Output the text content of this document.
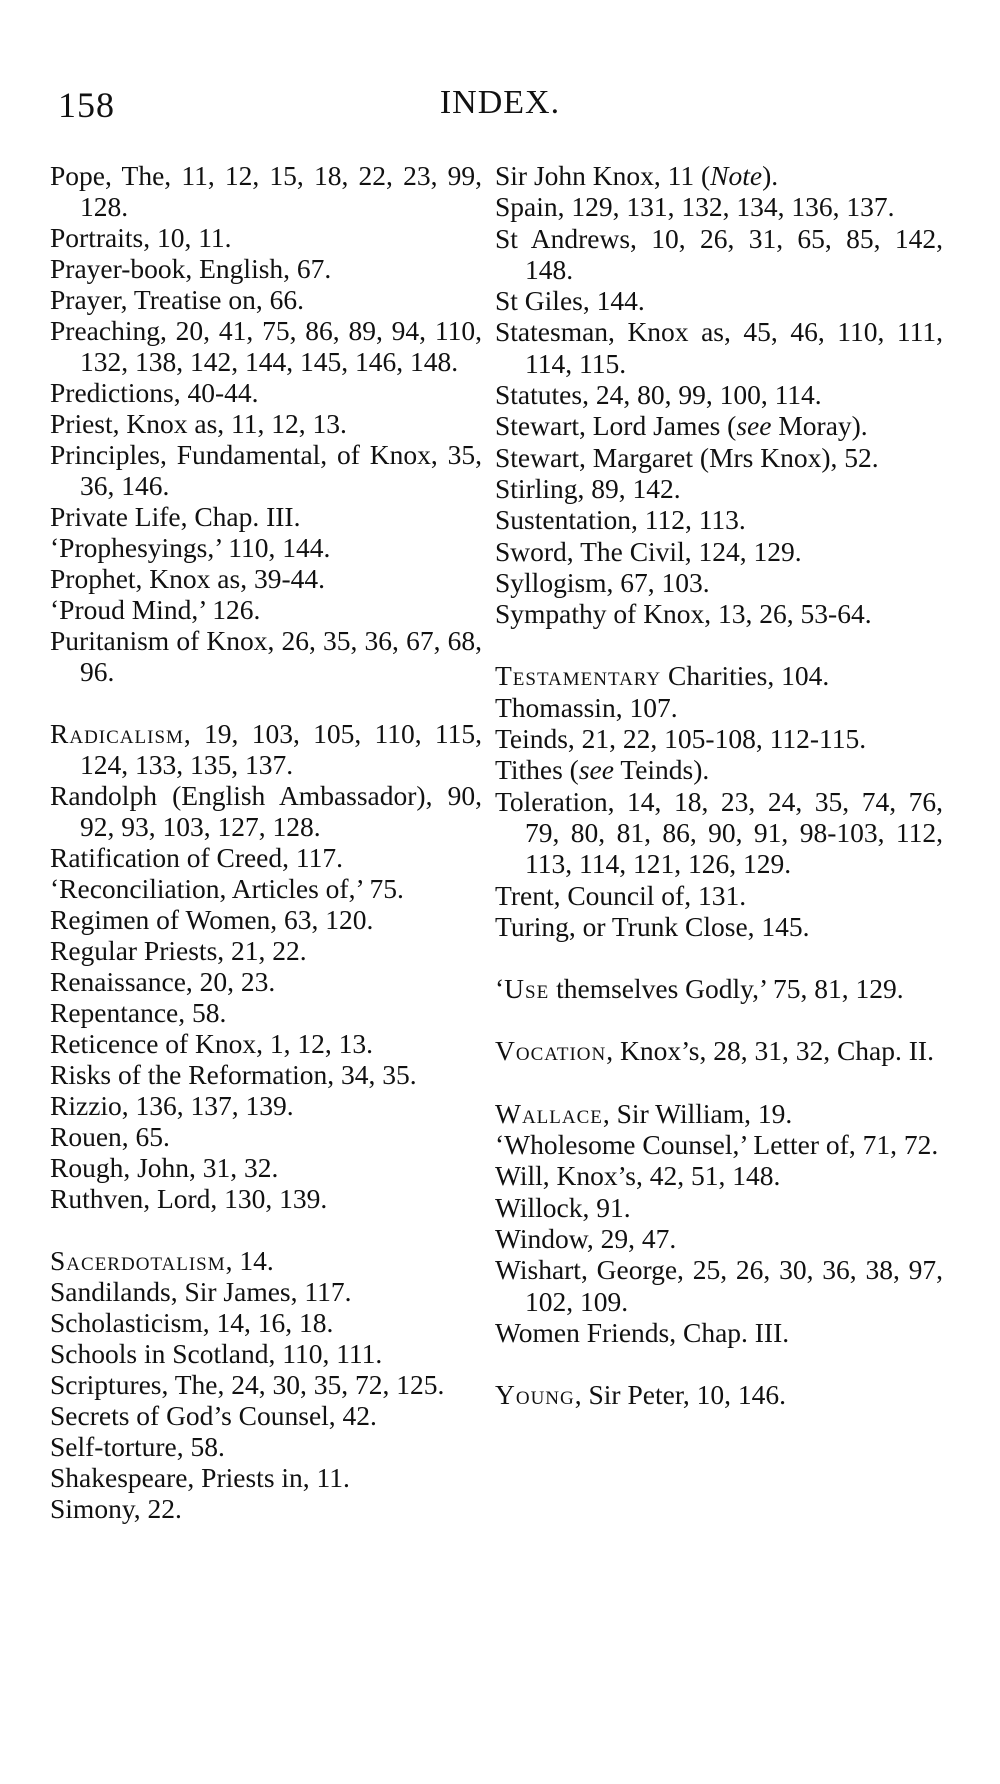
158	INDEX.
Pope, The, 11, 12, 15, 18, 22, 23, 99, 128.
Portraits, 10, 11.
Prayer-book, English, 67.
Prayer, Treatise on, 66.
Preaching, 20, 41, 75, 86, 89, 94, 110, 132, 138, 142, 144, 145, 146, 148.
Predictions, 40-44.
Priest, Knox as, 11, 12, 13.
Principles, Fundamental, of Knox, 35, 36, 146.
Private Life, Chap. III.
‘Prophesyings,’ 110, 144.
Prophet, Knox as, 39-44.
‘Proud Mind,’ 126.
Puritanism of Knox, 26, 35, 36, 67, 68, 96.
Radicalism, 19, 103, 105, 110, 115, 124, 133, 135, 137.
Randolph (English Ambassador), 90, 92, 93, 103, 127, 128.
Ratification of Creed, 117.
‘Reconciliation, Articles of,’ 75.
Regimen of Women, 63, 120.
Regular Priests, 21, 22.
Renaissance, 20, 23.
Repentance, 58.
Reticence of Knox, 1, 12, 13.
Risks of the Reformation, 34, 35.
Rizzio, 136, 137, 139.
Rouen, 65.
Rough, John, 31, 32.
Ruthven, Lord, 130, 139.
Sacerdotalism, 14.
Sandilands, Sir James, 117.
Scholasticism, 14, 16, 18.
Schools in Scotland, 110, 111.
Scriptures, The, 24, 30, 35, 72, 125.
Secrets of God’s Counsel, 42.
Self-torture, 58.
Shakespeare, Priests in, 11.
Simony, 22.
Sir John Knox, 11 (Note).
Spain, 129, 131, 132, 134, 136, 137.
St Andrews, 10, 26, 31, 65, 85, 142, 148.
St Giles, 144.
Statesman, Knox as, 45, 46, 110, 111, 114, 115.
Statutes, 24, 80, 99, 100, 114.
Stewart, Lord James (see Moray).
Stewart, Margaret (Mrs Knox), 52.
Stirling, 89, 142.
Sustentation, 112, 113.
Sword, The Civil, 124, 129.
Syllogism, 67, 103.
Sympathy of Knox, 13, 26, 53-64.
Testamentary Charities, 104.
Thomassin, 107.
Teinds, 21, 22, 105-108, 112-115.
Tithes (see Teinds).
Toleration, 14, 18, 23, 24, 35, 74, 76, 79, 80, 81, 86, 90, 91, 98-103, 112, 113, 114, 121, 126, 129.
Trent, Council of, 131.
Turing, or Trunk Close, 145.
‘Use themselves Godly,’ 75, 81, 129.
Vocation, Knox’s, 28, 31, 32, Chap. II.
Wallace, Sir William, 19.
‘Wholesome Counsel,’ Letter of, 71, 72.
Will, Knox’s, 42, 51, 148.
Willock, 91.
Window, 29, 47.
Wishart, George, 25, 26, 30, 36, 38, 97, 102, 109.
Women Friends, Chap. III.
Young, Sir Peter, 10, 146.
